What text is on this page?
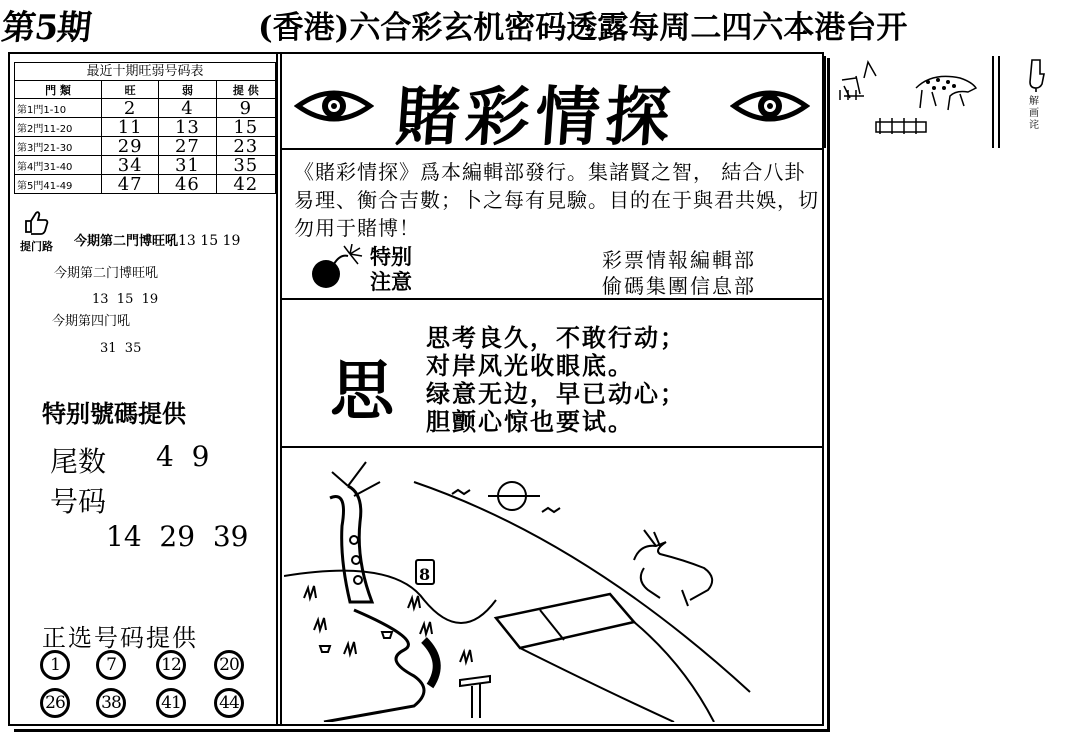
第5期	(香港)六合彩玄机密码透露每周二四六本港台开
最近十期旺弱号码表
門 類	旺	弱	提 供
第1門1-10	2	4	9
第2門11-20	11	13	15
第3門21-30	29	27	23
第4門31-40	34	31	35
第5門41-49	47	46	42
提门路 今期第二門博旺吼13 15 19
今期第二门博旺吼
13  15  19
今期第四门吼
31  35
特别號碼提供
尾数 4  9
号码
14  29  39
正选号码提供
1	7	12	20
26	38	41	44
賭彩情探
《賭彩情探》爲本編輯部發行。集諸賢之智， 結合八卦易理、衡合吉數；卜之每有見驗。目的在于與君共娛，切勿用于賭博！
特别
注意
彩票情報編輯部
偷碼集團信息部
思
思考良久，不敢行动；
对岸风光收眼底。
绿意无边，早已动心；
胆颤心惊也要试。
8
解画诧
